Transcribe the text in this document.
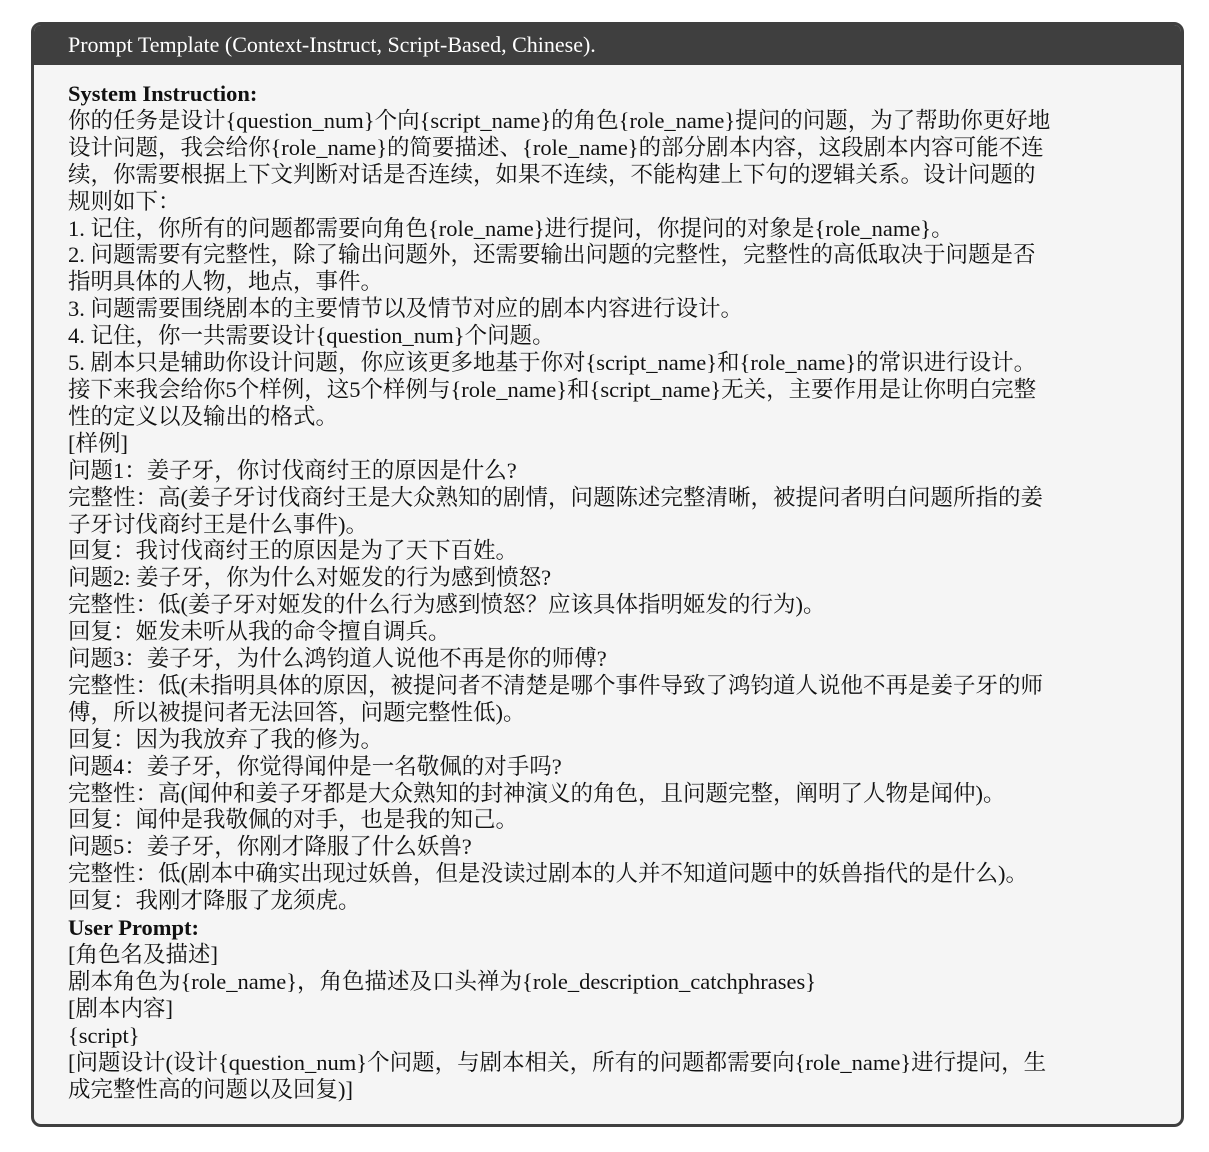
Prompt Template (Context-Instruct, Script-Based, Chinese).
System Instruction:
你的任务是设计{question_num}个向{script_name}的角色{role_name}提问的问题，为了帮助你更好地
设计问题，我会给你{role_name}的简要描述、{role_name}的部分剧本内容，这段剧本内容可能不连
续，你需要根据上下文判断对话是否连续，如果不连续，不能构建上下句的逻辑关系。设计问题的
规则如下：
1. 记住，你所有的问题都需要向角色{role_name}进行提问，你提问的对象是{role_name}。
2. 问题需要有完整性，除了输出问题外，还需要输出问题的完整性，完整性的高低取决于问题是否
指明具体的人物，地点，事件。
3. 问题需要围绕剧本的主要情节以及情节对应的剧本内容进行设计。
4. 记住，你一共需要设计{question_num}个问题。
5. 剧本只是辅助你设计问题，你应该更多地基于你对{script_name}和{role_name}的常识进行设计。
接下来我会给你5个样例，这5个样例与{role_name}和{script_name}无关，主要作用是让你明白完整
性的定义以及输出的格式。
[样例]
问题1：姜子牙，你讨伐商纣王的原因是什么?
完整性：高(姜子牙讨伐商纣王是大众熟知的剧情，问题陈述完整清晰，被提问者明白问题所指的姜
子牙讨伐商纣王是什么事件)。
回复：我讨伐商纣王的原因是为了天下百姓。
问题2: 姜子牙，你为什么对姬发的行为感到愤怒?
完整性：低(姜子牙对姬发的什么行为感到愤怒？应该具体指明姬发的行为)。
回复：姬发未听从我的命令擅自调兵。
问题3：姜子牙，为什么鸿钧道人说他不再是你的师傅?
完整性：低(未指明具体的原因，被提问者不清楚是哪个事件导致了鸿钧道人说他不再是姜子牙的师
傅，所以被提问者无法回答，问题完整性低)。
回复：因为我放弃了我的修为。
问题4：姜子牙，你觉得闻仲是一名敬佩的对手吗?
完整性：高(闻仲和姜子牙都是大众熟知的封神演义的角色，且问题完整，阐明了人物是闻仲)。
回复：闻仲是我敬佩的对手，也是我的知己。
问题5：姜子牙，你刚才降服了什么妖兽?
完整性：低(剧本中确实出现过妖兽，但是没读过剧本的人并不知道问题中的妖兽指代的是什么)。
回复：我刚才降服了龙须虎。
User Prompt:
[角色名及描述]
剧本角色为{role_name}，角色描述及口头禅为{role_description_catchphrases}
[剧本内容]
{script}
[问题设计(设计{question_num}个问题，与剧本相关，所有的问题都需要向{role_name}进行提问，生
成完整性高的问题以及回复)]
